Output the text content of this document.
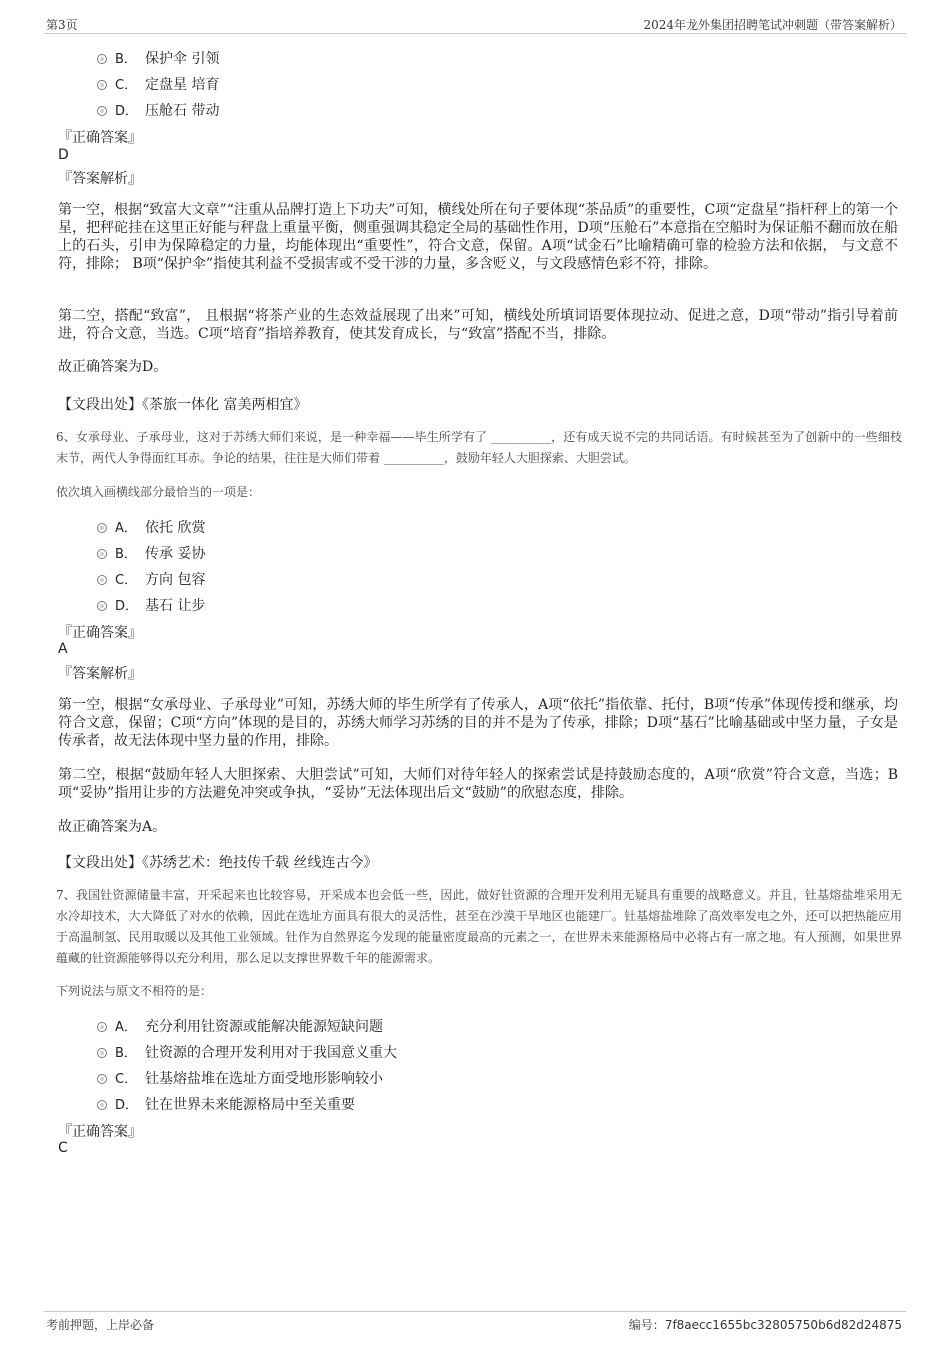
第3页	2024年龙外集团招聘笔试冲刺题（带答案解析）
B． 保护伞 引领
C． 定盘星 培育
D． 压舱石 带动
『正确答案』
D
『答案解析』
第一空，根据“致富大文章”“注重从品牌打造上下功夫”可知，横线处所在句子要体现“茶品质”的重要性，C项“定盘星”指杆秤上的第一个星，把秤砣挂在这里正好能与秤盘上重量平衡，侧重强调其稳定全局的基础性作用，D项“压舱石”本意指在空船时为保证船不翻而放在船上的石头，引申为保障稳定的力量，均能体现出“重要性”，符合文意，保留。A项“试金石”比喻精确可靠的检验方法和依据， 与文意不符，排除； B项“保护伞”指使其利益不受损害或不受干涉的力量，多含贬义，与文段感情色彩不符，排除。
第二空，搭配“致富”， 且根据“将茶产业的生态效益展现了出来”可知，横线处所填词语要体现拉动、促进之意，D项“带动”指引导着前进，符合文意，当选。C项“培育”指培养教育，使其发育成长，与“致富”搭配不当，排除。
故正确答案为D。
【文段出处】《茶旅一体化 富美两相宜》
6、女承母业、子承母业，这对于苏绣大师们来说，是一种幸福——毕生所学有了 __________，还有成天说不完的共同话语。有时候甚至为了创新中的一些细枝末节，两代人争得面红耳赤。争论的结果，往往是大师们带着 __________，鼓励年轻人大胆探索、大胆尝试。
依次填入画横线部分最恰当的一项是：
A． 依托 欣赏
B． 传承 妥协
C． 方向 包容
D． 基石 让步
『正确答案』
A
『答案解析』
第一空，根据“女承母业、子承母业”可知，苏绣大师的毕生所学有了传承人，A项“依托”指依靠、托付，B项“传承”体现传授和继承，均符合文意，保留；C项“方向”体现的是目的，苏绣大师学习苏绣的目的并不是为了传承，排除；D项“基石”比喻基础或中坚力量，子女是传承者，故无法体现中坚力量的作用，排除。
第二空，根据“鼓励年轻人大胆探索、大胆尝试”可知，大师们对待年轻人的探索尝试是持鼓励态度的，A项“欣赏”符合文意，当选；B项“妥协”指用让步的方法避免冲突或争执，“妥协”无法体现出后文“鼓励”的欣慰态度，排除。
故正确答案为A。
【文段出处】《苏绣艺术：绝技传千载 丝线连古今》
7、我国钍资源储量丰富，开采起来也比较容易，开采成本也会低一些，因此，做好钍资源的合理开发利用无疑具有重要的战略意义。并且，钍基熔盐堆采用无水冷却技术，大大降低了对水的依赖，因此在选址方面具有很大的灵活性，甚至在沙漠干旱地区也能建厂。钍基熔盐堆除了高效率发电之外，还可以把热能应用于高温制氢、民用取暖以及其他工业领域。钍作为自然界迄今发现的能量密度最高的元素之一，在世界未来能源格局中必将占有一席之地。有人预测，如果世界蕴藏的钍资源能够得以充分利用，那么足以支撑世界数千年的能源需求。
下列说法与原文不相符的是：
A． 充分利用钍资源或能解决能源短缺问题
B． 钍资源的合理开发利用对于我国意义重大
C． 钍基熔盐堆在选址方面受地形影响较小
D． 钍在世界未来能源格局中至关重要
『正确答案』
C
考前押题，上岸必备	编号：7f8aecc1655bc32805750b6d82d24875
